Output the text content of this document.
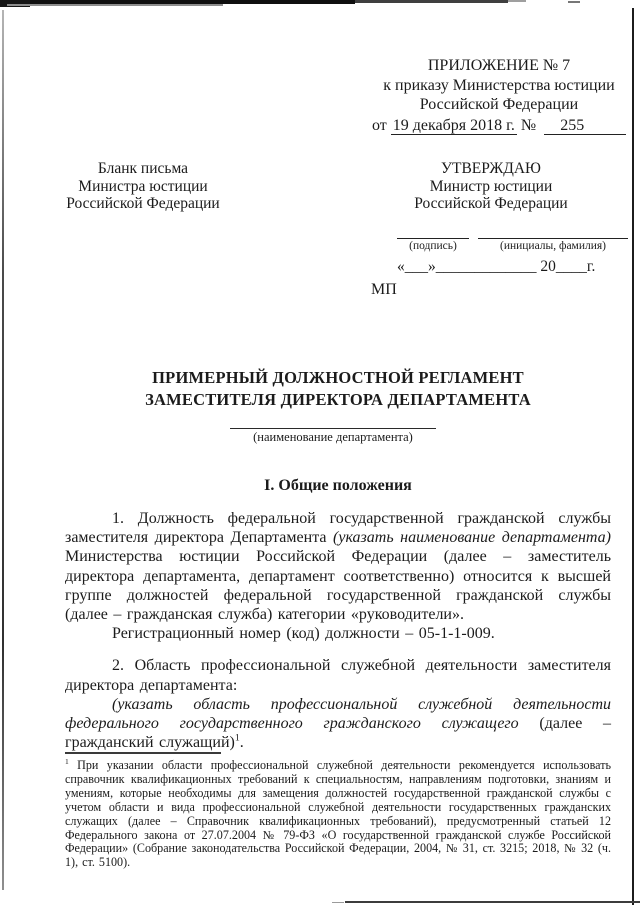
ПРИЛОЖЕНИЕ № 7
к приказу Министерства юстиции
Российской Федерации
от 19 декабря 2018 г. № 255
Бланк письма
Министра юстиции
Российской Федерации
УТВЕРЖДАЮ
Министр юстиции
Российской Федерации
(подпись)	(инициалы, фамилия)
«___»_____________ 20____г.
МП
ПРИМЕРНЫЙ ДОЛЖНОСТНОЙ РЕГЛАМЕНТ
ЗАМЕСТИТЕЛЯ ДИРЕКТОРА ДЕПАРТАМЕНТА
(наименование департамента)
I. Общие положения

1. Должность федеральной государственной гражданской службы заместителя директора Департамента (указать наименование департамента) Министерства юстиции Российской Федерации (далее – заместитель директора департамента, департамент соответственно) относится к высшей группе должностей федеральной государственной гражданской службы (далее – гражданская служба) категории «руководители».

Регистрационный номер (код) должности – 05-1-1-009.

2. Область профессиональной служебной деятельности заместителя директора департамента:

(указать область профессиональной служебной деятельности федерального государственного гражданского служащего (далее – гражданский служащий)$^1$.

$^1$ При указании области профессиональной служебной деятельности рекомендуется использовать справочник квалификационных требований к специальностям, направлениям подготовки, знаниям и умениям, которые необходимы для замещения должностей государственной гражданской службы с учетом области и вида профессиональной служебной деятельности государственных гражданских служащих (далее – Справочник квалификационных требований), предусмотренный статьей 12 Федерального закона от 27.07.2004 № 79-ФЗ «О государственной гражданской службе Российской Федерации» (Собрание законодательства Российской Федерации, 2004, № 31, ст. 3215; 2018, № 32 (ч. 1), ст. 5100).
